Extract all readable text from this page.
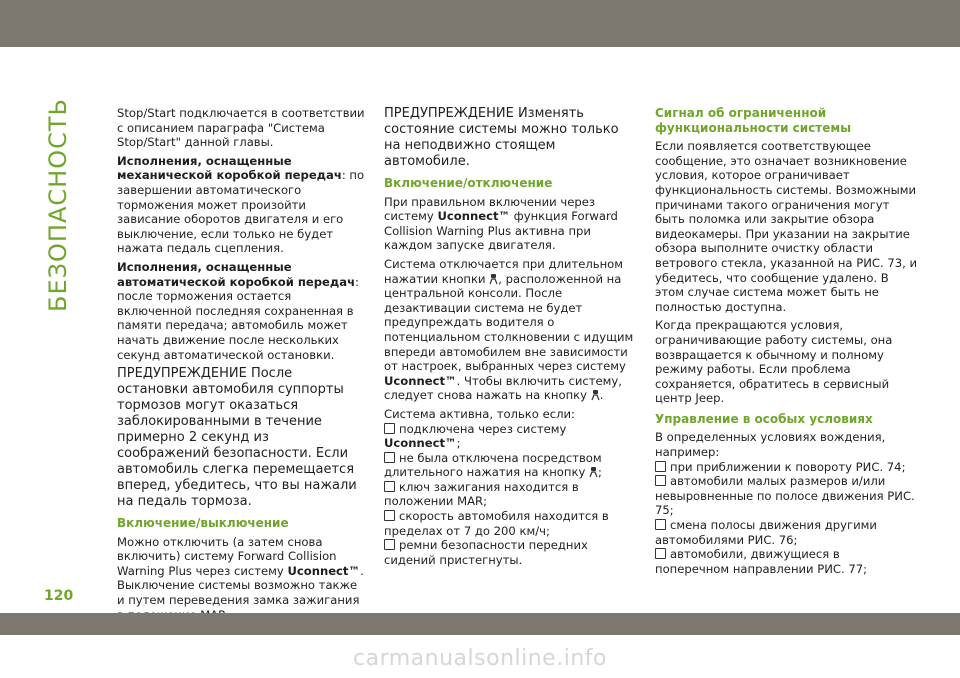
БЕЗОПАСНОСТЬ	Stop/Start подключается в соответствии с описанием параграфа "Система Stop/Start" данной главы.

Исполнения, оснащенные механической коробкой передач: по завершении автоматического торможения может произойти зависание оборотов двигателя и его выключение, если только не будет нажата педаль сцепления.

Исполнения, оснащенные автоматической коробкой передач: после торможения остается включенной последняя сохраненная в памяти передача; автомобиль может начать движение после нескольких секунд автоматической остановки.

ПРЕДУПРЕЖДЕНИЕ После остановки автомобиля суппорты тормозов могут оказаться заблокированными в течение примерно 2 секунд из соображений безопасности. Если автомобиль слегка перемещается вперед, убедитесь, что вы нажали на педаль тормоза.

Включение/выключение

Можно отключить (а затем снова включить) систему Forward Collision Warning Plus через систему Uconnect™. Выключение системы возможно также и путем переведения замка зажигания

ПРЕДУПРЕЖДЕНИЕ Изменять состояние системы можно только на неподвижно стоящем автомобиле.

Включение/отключение

При правильном включении через систему Uconnect™ функция Forward Collision Warning Plus активна при каждом запуске двигателя.

Система отключается при длительном нажатии кнопки , расположенной на центральной консоли. После дезактивации система не будет предупреждать водителя о потенциальном столкновении с идущим впереди автомобилем вне зависимости от настроек, выбранных через систему Uconnect™. Чтобы включить систему, следует снова нажать на кнопку .

Система активна, только если:

подключена через систему Uconnect™;
не была отключена посредством длительного нажатия на кнопку ;
ключ зажигания находится в положении MAR;
скорость автомобиля находится в пределах от 7 до 200 км/ч;
ремни безопасности передних сидений пристегнуты.
Сигнал об ограниченной функциональности системы

Если появляется соответствующее сообщение, это означает возникновение условия, которое ограничивает функциональность системы. Возможными причинами такого ограничения могут быть поломка или закрытие обзора видеокамеры. При указании на закрытие обзора выполните очистку области ветрового стекла, указанной на РИС. 73, и убедитесь, что сообщение удалено. В этом случае система может быть не полностью доступна.

Когда прекращаются условия, ограничивающие работу системы, она возвращается к обычному и полному режиму работы. Если проблема сохраняется, обратитесь в сервисный центр Jeep.

Управление в особых условиях

В определенных условиях вождения, например:

при приближении к повороту РИС. 74;
автомобили малых размеров и/или невыровненные по полосе движения РИС. 75;
смена полосы движения другими автомобилями РИС. 76;
автомобили, движущиеся в поперечном направлении РИС. 77;
120
carmanualsonline.info
